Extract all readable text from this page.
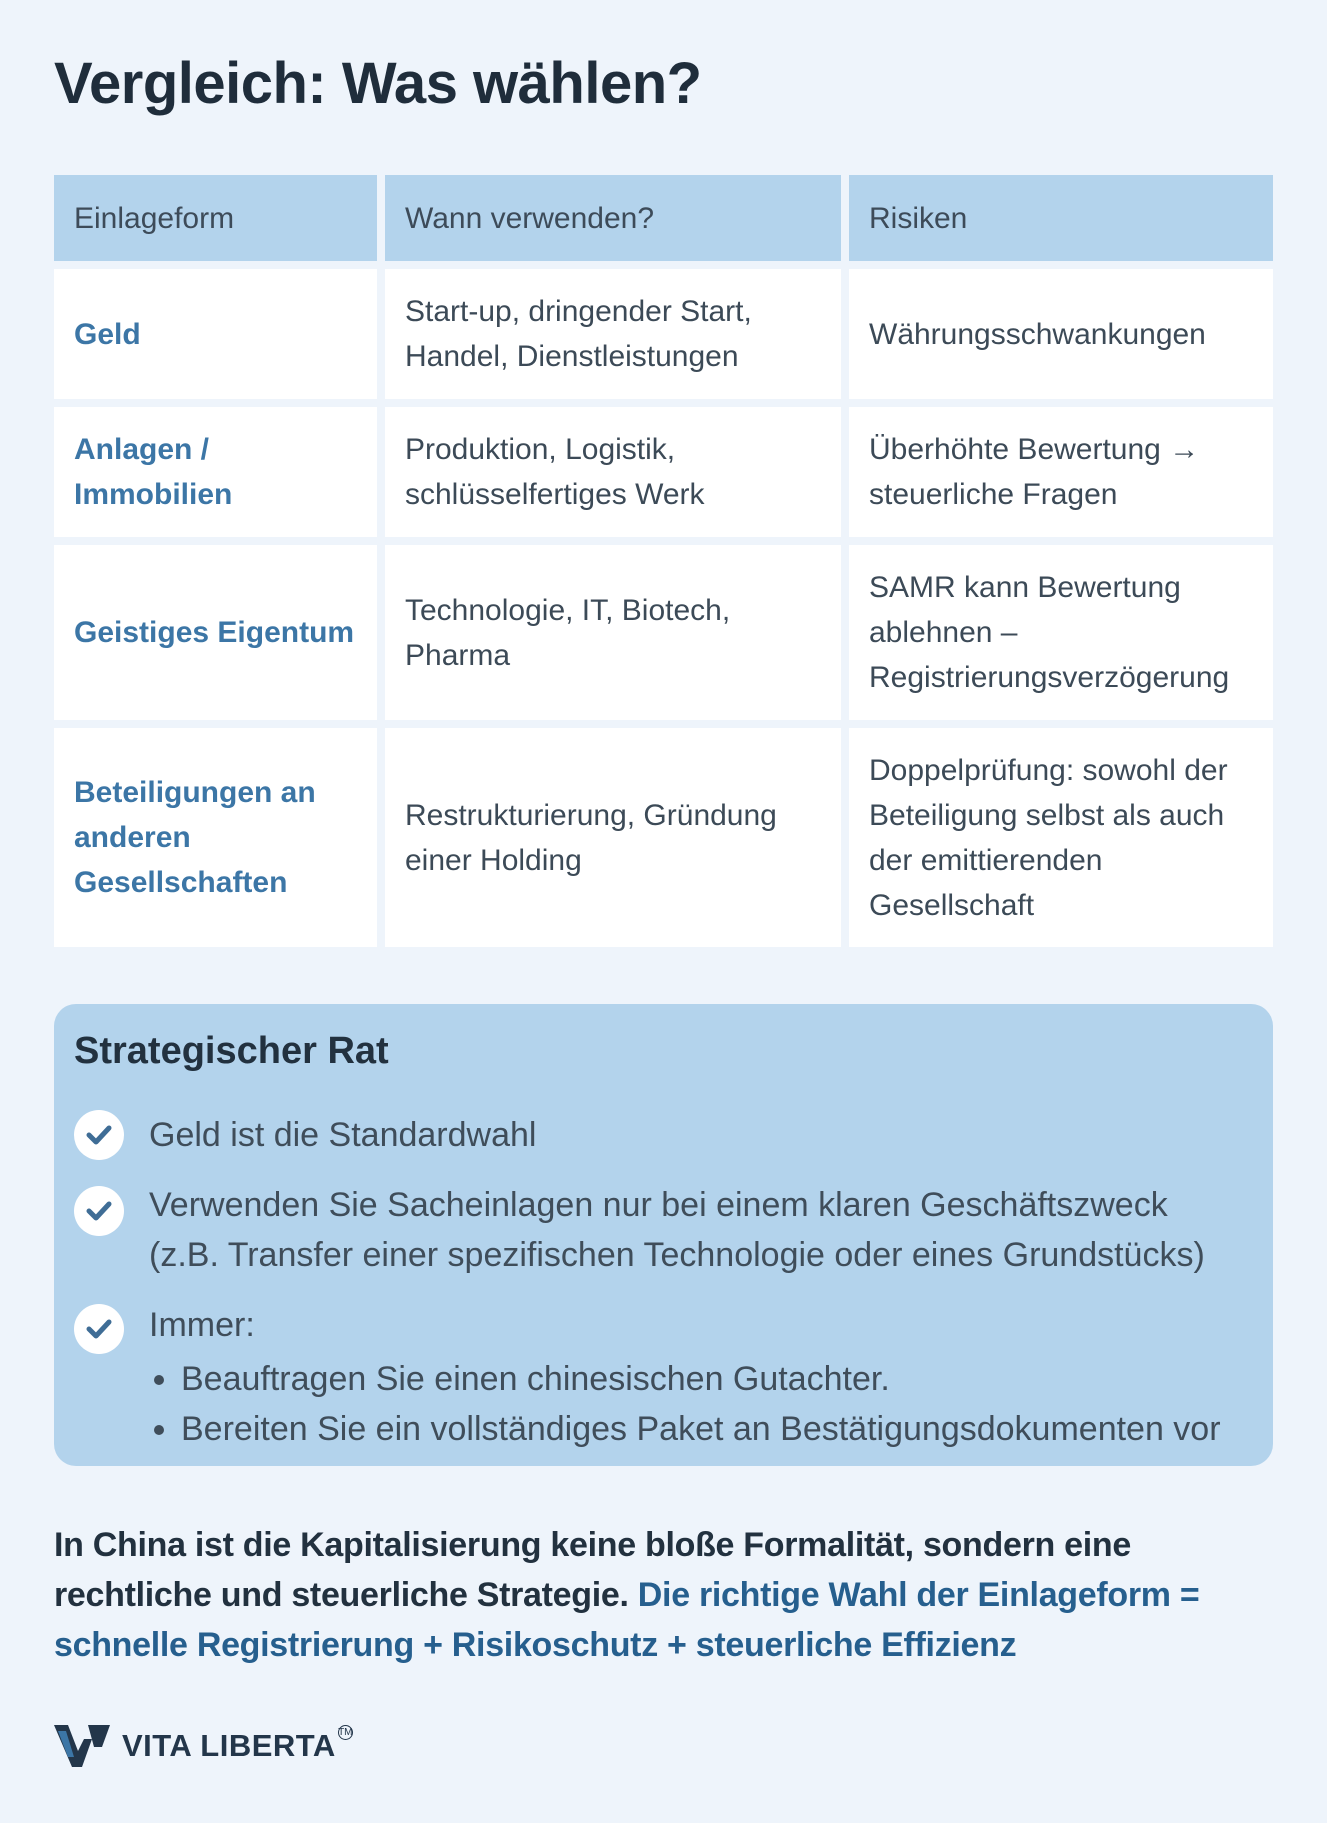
Vergleich: Was wählen?
Einlageform	Wann verwenden?	Risiken
Geld
Start-up, dringender Start, Handel, Dienstleistungen
Währungsschwankungen
Anlagen / Immobilien
Produktion, Logistik, schlüsselfertiges Werk
Überhöhte Bewertung → steuerliche Fragen
Geistiges Eigentum
Technologie, IT, Biotech, Pharma
SAMR kann Bewertung ablehnen – Registrierungsverzögerung
Beteiligungen an anderen Gesellschaften
Restrukturierung, Gründung einer Holding
Doppelprüfung: sowohl der Beteiligung selbst als auch der emittierenden Gesellschaft
Strategischer Rat
Geld ist die Standardwahl
Verwenden Sie Sacheinlagen nur bei einem klaren Geschäftszweck (z.B. Transfer einer spezifischen Technologie oder eines Grundstücks)
Immer:
• Beauftragen Sie einen chinesischen Gutachter.
• Bereiten Sie ein vollständiges Paket an Bestätigungsdokumenten vor
In China ist die Kapitalisierung keine bloße Formalität, sondern eine rechtliche und steuerliche Strategie. Die richtige Wahl der Einlageform = schnelle Registrierung + Risikoschutz + steuerliche Effizienz
VITA LIBERTA TM
